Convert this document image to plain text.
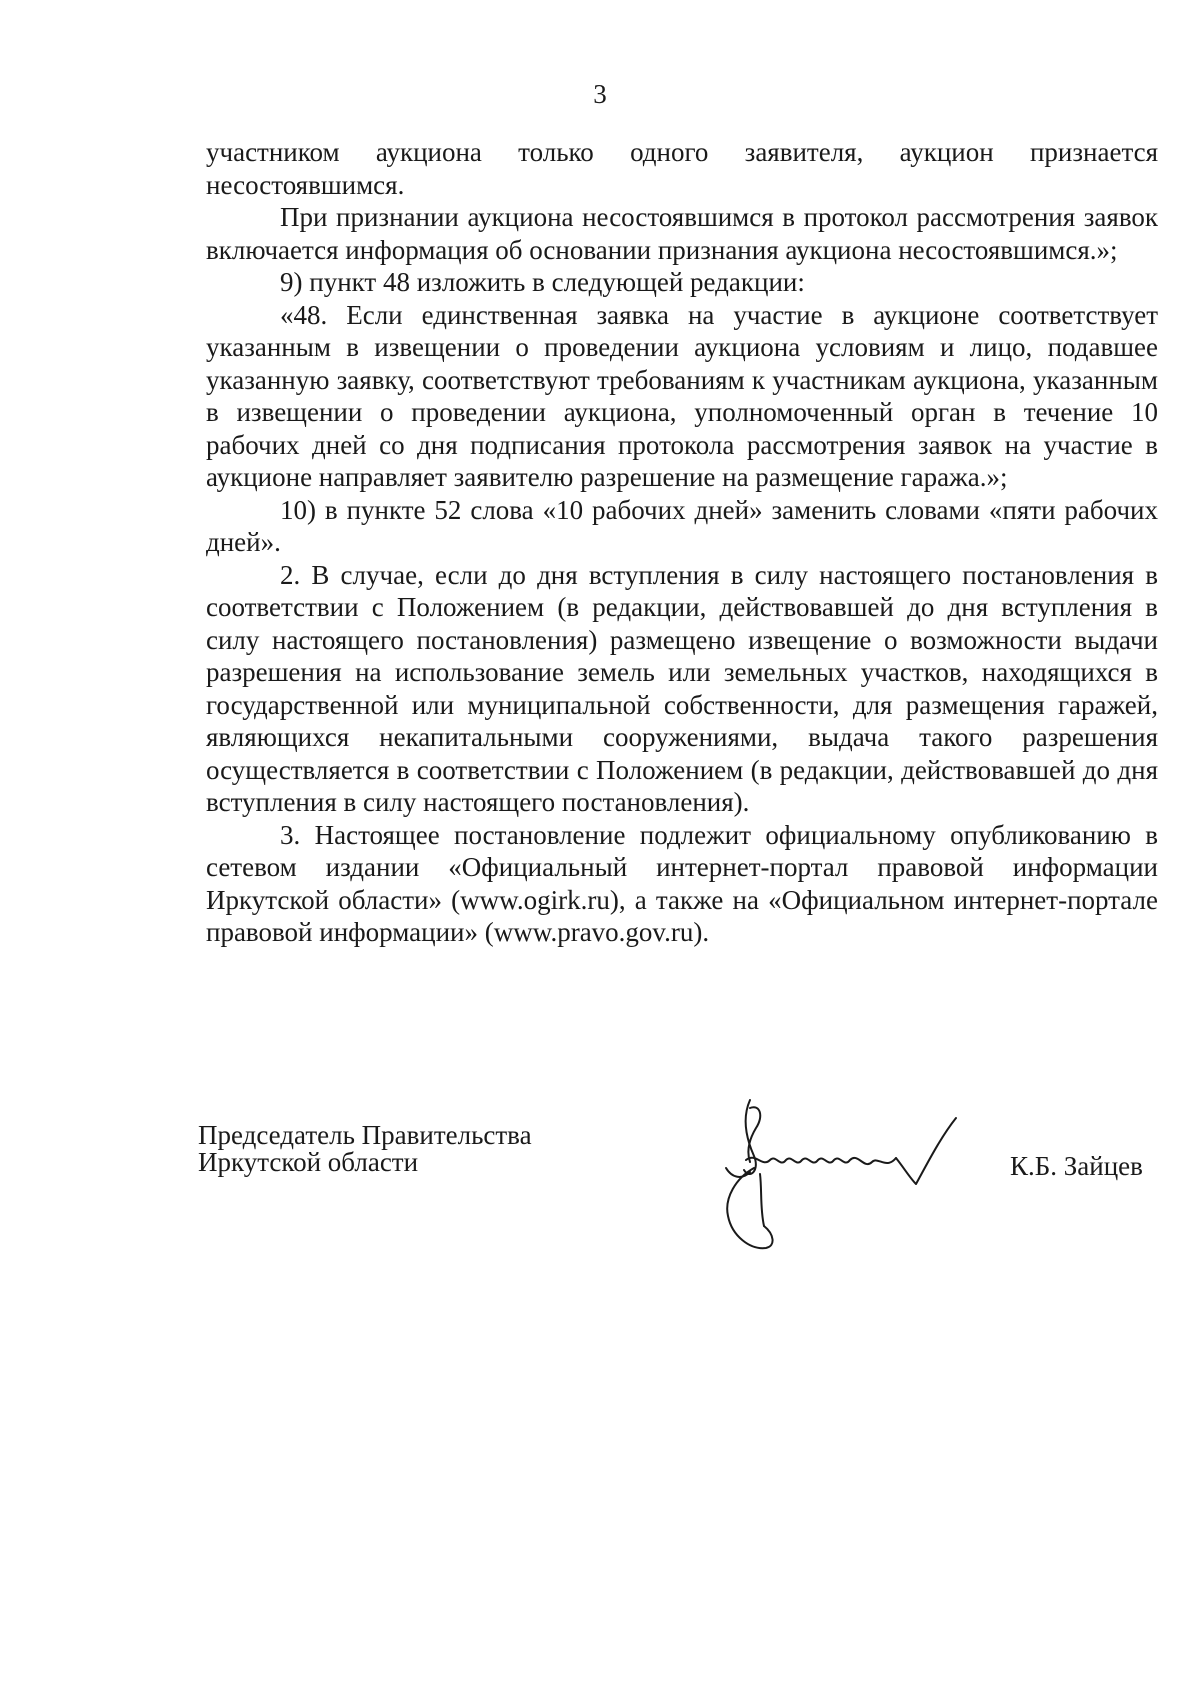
3

участником аукциона только одного заявителя, аукцион признается несостоявшимся.

При признании аукциона несостоявшимся в протокол рассмотрения заявок включается информация об основании признания аукциона несостоявшимся.»;

9) пункт 48 изложить в следующей редакции:

«48. Если единственная заявка на участие в аукционе соответствует указанным в извещении о проведении аукциона условиям и лицо, подавшее указанную заявку, соответствуют требованиям к участникам аукциона, указанным в извещении о проведении аукциона, уполномоченный орган в течение 10 рабочих дней со дня подписания протокола рассмотрения заявок на участие в аукционе направляет заявителю разрешение на размещение гаража.»;

10) в пункте 52 слова «10 рабочих дней» заменить словами «пяти рабочих дней».

2. В случае, если до дня вступления в силу настоящего постановления в соответствии с Положением (в редакции, действовавшей до дня вступления в силу настоящего постановления) размещено извещение о возможности выдачи разрешения на использование земель или земельных участков, находящихся в государственной или муниципальной собственности, для размещения гаражей, являющихся некапитальными сооружениями, выдача такого разрешения осуществляется в соответствии с Положением (в редакции, действовавшей до дня вступления в силу настоящего постановления).

3. Настоящее постановление подлежит официальному опубликованию в сетевом издании «Официальный интернет-портал правовой информации Иркутской области» (www.ogirk.ru), а также на «Официальном интернет-портале правовой информации» (www.pravo.gov.ru).

Председатель Правительства
Иркутской области	К.Б. Зайцев
